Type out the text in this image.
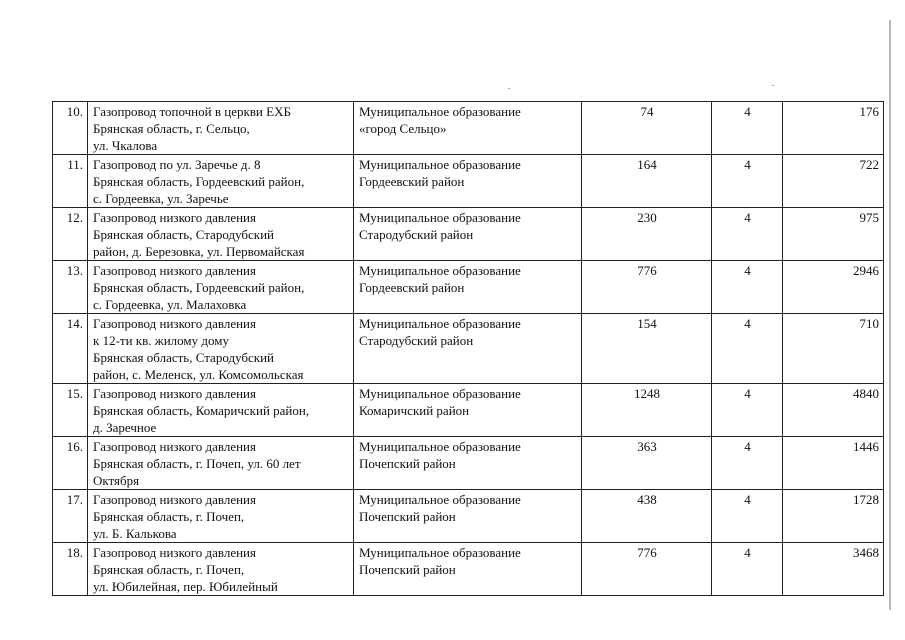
10.	Газопровод топочной в церкви ЕХБ
Брянская область, г. Сельцо,
ул. Чкалова	Муниципальное образование
«город Сельцо»	74	4	176
11.	Газопровод по ул. Заречье д. 8
Брянская область, Гордеевский район,
с. Гордеевка, ул. Заречье	Муниципальное образование
Гордеевский район	164	4	722
12.	Газопровод низкого давления
Брянская область, Стародубский
район, д. Березовка, ул. Первомайская	Муниципальное образование
Стародубский район	230	4	975
13.	Газопровод низкого давления
Брянская область, Гордеевский район,
с. Гордеевка, ул. Малаховка	Муниципальное образование
Гордеевский район	776	4	2946
14.	Газопровод низкого давления
к 12-ти кв. жилому дому
Брянская область, Стародубский
район, с. Меленск, ул. Комсомольская	Муниципальное образование
Стародубский район	154	4	710
15.	Газопровод низкого давления
Брянская область, Комаричский район,
д. Заречное	Муниципальное образование
Комаричский район	1248	4	4840
16.	Газопровод низкого давления
Брянская область, г. Почеп, ул. 60 лет
Октября	Муниципальное образование
Почепский район	363	4	1446
17.	Газопровод низкого давления
Брянская область, г. Почеп,
ул. Б. Калькова	Муниципальное образование
Почепский район	438	4	1728
18.	Газопровод низкого давления
Брянская область, г. Почеп,
ул. Юбилейная, пер. Юбилейный	Муниципальное образование
Почепский район	776	4	3468
